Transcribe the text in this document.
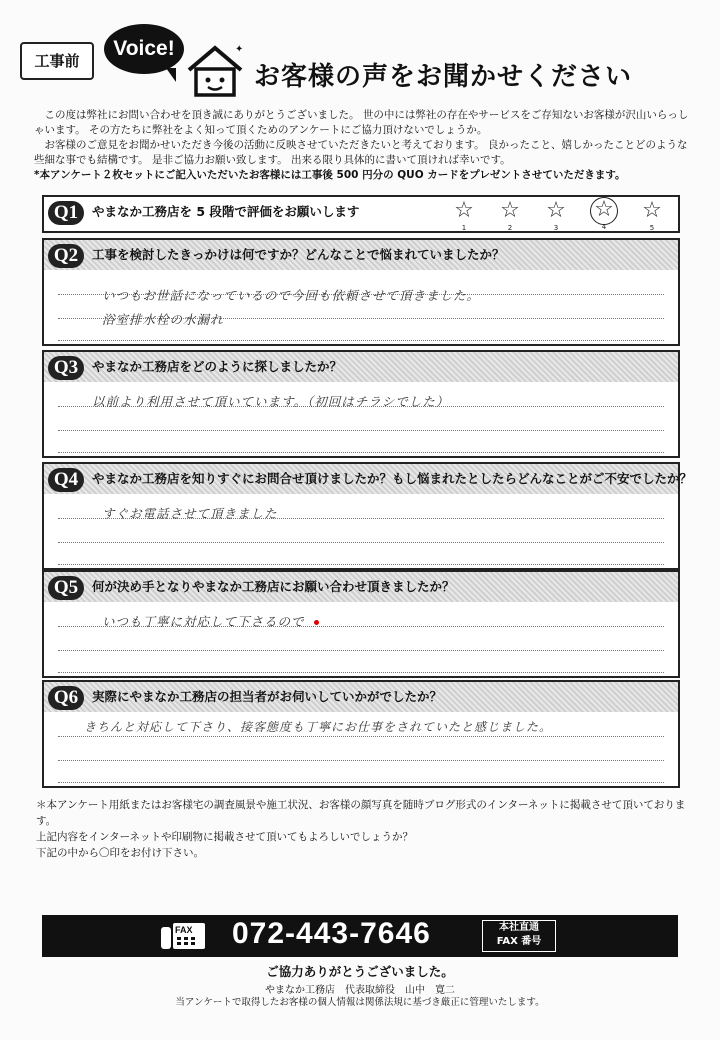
工事前
Voice!	✦
お客様の声をお聞かせください

この度は弊社にお問い合わせを頂き誠にありがとうございました。 世の中には弊社の存在やサービスをご存知ないお客様が沢山いらっしゃいます。 その方たちに弊社をよく知って頂くためのアンケートにご協力頂けないでしょうか。

お客様のご意見をお聞かせいただき今後の活動に反映させていただきたいと考えております。 良かったこと、嬉しかったことどのような些細な事でも結構です。 是非ご協力お願い致します。 出来る限り具体的に書いて頂ければ幸いです。

*本アンケート２枚セットにご記入いただいたお客様には工事後 500 円分の QUO カードをプレゼントさせていただきます。

Q1	やまなか工務店を 5 段階で評価をお願いします	☆
1
☆
2
☆
3
☆
4
☆
5
Q2	工事を検討したきっかけは何ですか？どんなことで悩まれていましたか？
いつもお世話になっているので今回も依頼させて頂きました。
浴室排水栓の水漏れ
Q3	やまなか工務店をどのように探しましたか？
以前より利用させて頂いています。（初回はチラシでした）
Q4	やまなか工務店を知りすぐにお問合せ頂けましたか？もし悩まれたとしたらどんなことがご不安でしたか？
すぐお電話させて頂きました
Q5	何が決め手となりやまなか工務店にお願い合わせ頂きましたか？
いつも丁寧に対応して下さるので
Q6	実際にやまなか工務店の担当者がお伺いしていかがでしたか？
きちんと対応して下さり、接客態度も丁寧にお仕事をされていたと感じました。

＊本アンケート用紙またはお客様宅の調査風景や施工状況、お客様の顔写真を随時ブログ形式のインターネットに掲載させて頂いております。

上記内容をインターネットや印刷物に掲載させて頂いてもよろしいでしょうか？

下記の中から〇印をお付け下さい。

FAX 072-443-7646	本社直通
FAX 番号
ご協力ありがとうございました。
やまなか工務店　代表取締役　山中　寛二
当アンケートで取得したお客様の個人情報は関係法規に基づき厳正に管理いたします。
